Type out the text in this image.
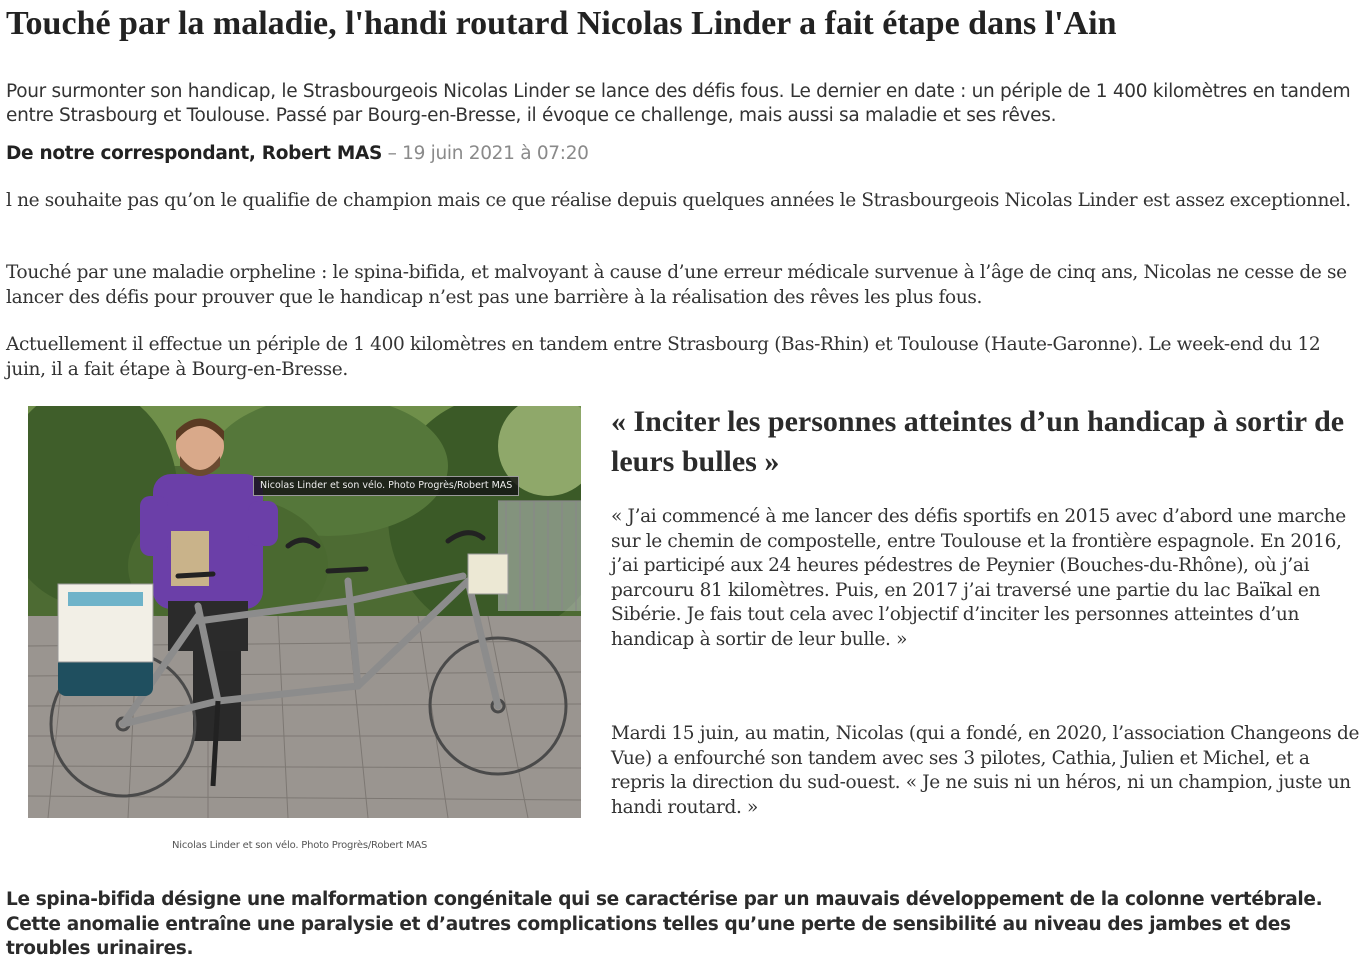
Touché par la maladie, l'handi routard Nicolas Linder a fait étape dans l'Ain

Pour surmonter son handicap, le Strasbourgeois Nicolas Linder se lance des défis fous. Le dernier en date : un périple de 1 400 kilomètres en tandem entre Strasbourg et Toulouse. Passé par Bourg-en-Bresse, il évoque ce challenge, mais aussi sa maladie et ses rêves.

De notre correspondant, Robert MAS – 19 juin 2021 à 07:20

l ne souhaite pas qu’on le qualifie de champion mais ce que réalise depuis quelques années le Strasbourgeois Nicolas Linder est assez exceptionnel.

Touché par une maladie orpheline : le spina-bifida, et malvoyant à cause d’une erreur médicale survenue à l’âge de cinq ans, Nicolas ne cesse de se lancer des défis pour prouver que le handicap n’est pas une barrière à la réalisation des rêves les plus fous.

Actuellement il effectue un périple de 1 400 kilomètres en tandem entre Strasbourg (Bas-Rhin) et Toulouse (Haute-Garonne). Le week-end du 12 juin, il a fait étape à Bourg-en-Bresse.

Nicolas Linder et son vélo. Photo Progrès/Robert MAS

Nicolas Linder et son vélo. Photo Progrès/Robert MAS

« Inciter les personnes atteintes d’un handicap à sortir de leurs bulles »

« J’ai commencé à me lancer des défis sportifs en 2015 avec d’abord une marche sur le chemin de compostelle, entre Toulouse et la frontière espagnole. En 2016, j’ai participé aux 24 heures pédestres de Peynier (Bouches-du-Rhône), où j’ai parcouru 81 kilomètres. Puis, en 2017 j’ai traversé une partie du lac Baïkal en Sibérie. Je fais tout cela avec l’objectif d’inciter les personnes atteintes d’un handicap à sortir de leur bulle. »

Mardi 15 juin, au matin, Nicolas (qui a fondé, en 2020, l’association Changeons de Vue) a enfourché son tandem avec ses 3 pilotes, Cathia, Julien et Michel, et a repris la direction du sud-ouest. « Je ne suis ni un héros, ni un champion, juste un handi routard. »

Le spina-bifida désigne une malformation congénitale qui se caractérise par un mauvais développement de la colonne vertébrale. Cette anomalie entraîne une paralysie et d’autres complications telles qu’une perte de sensibilité au niveau des jambes et des troubles urinaires.
